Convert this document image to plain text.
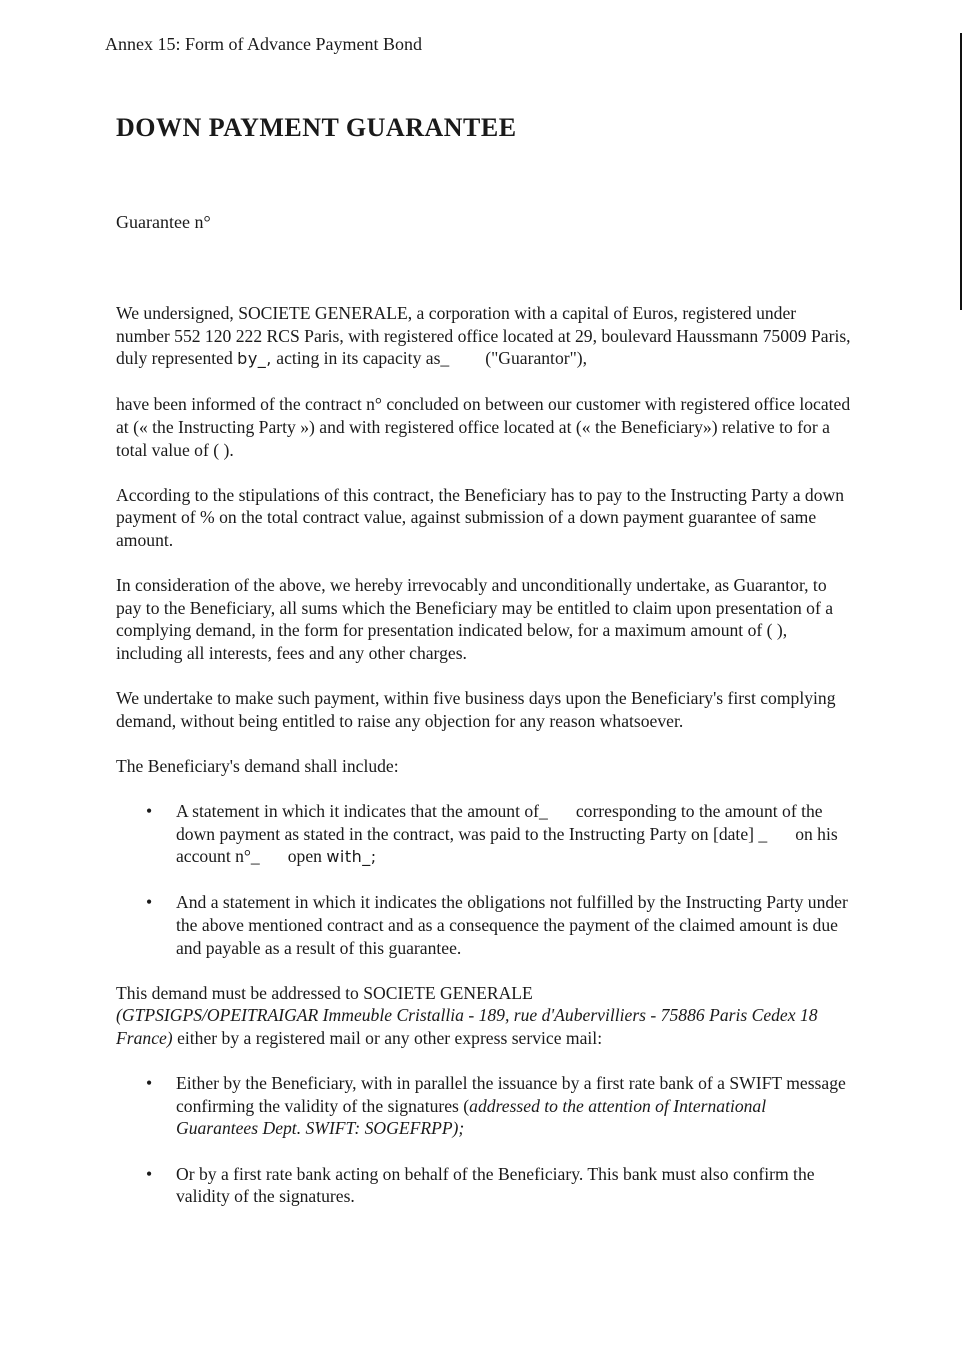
Annex 15: Form of Advance Payment Bond
DOWN PAYMENT GUARANTEE
Guarantee n°

We undersigned, SOCIETE GENERALE, a corporation with a capital of Euros, registered under number 552 120 222 RCS Paris, with registered office located at 29, boulevard Haussmann 75009 Paris, duly represented by_, acting in its capacity as_ ("Guarantor"),

have been informed of the contract n° concluded on between our customer with registered office located at (« the Instructing Party ») and with registered office located at (« the Beneficiary») relative to for a total value of ( ).

According to the stipulations of this contract, the Beneficiary has to pay to the Instructing Party a down payment of % on the total contract value, against submission of a down payment guarantee of same amount.

In consideration of the above, we hereby irrevocably and unconditionally undertake, as Guarantor, to pay to the Beneficiary, all sums which the Beneficiary may be entitled to claim upon presentation of a complying demand, in the form for presentation indicated below, for a maximum amount of ( ), including all interests, fees and any other charges.

We undertake to make such payment, within five business days upon the Beneficiary's first complying demand, without being entitled to raise any objection for any reason whatsoever.

The Beneficiary's demand shall include:

• A statement in which it indicates that the amount of_ corresponding to the amount of the down payment as stated in the contract, was paid to the Instructing Party on [date] _ on his account n°_ open with_;
• And a statement in which it indicates the obligations not fulfilled by the Instructing Party under the above mentioned contract and as a consequence the payment of the claimed amount is due and payable as a result of this guarantee.

This demand must be addressed to SOCIETE GENERALE
(GTPSIGPS/OPEITRAIGAR Immeuble Cristallia - 189, rue d'Aubervilliers - 75886 Paris Cedex 18 France) either by a registered mail or any other express service mail:

• Either by the Beneficiary, with in parallel the issuance by a first rate bank of a SWIFT message confirming the validity of the signatures (addressed to the attention of International Guarantees Dept. SWIFT: SOGEFRPP);
• Or by a first rate bank acting on behalf of the Beneficiary. This bank must also confirm the validity of the signatures.
